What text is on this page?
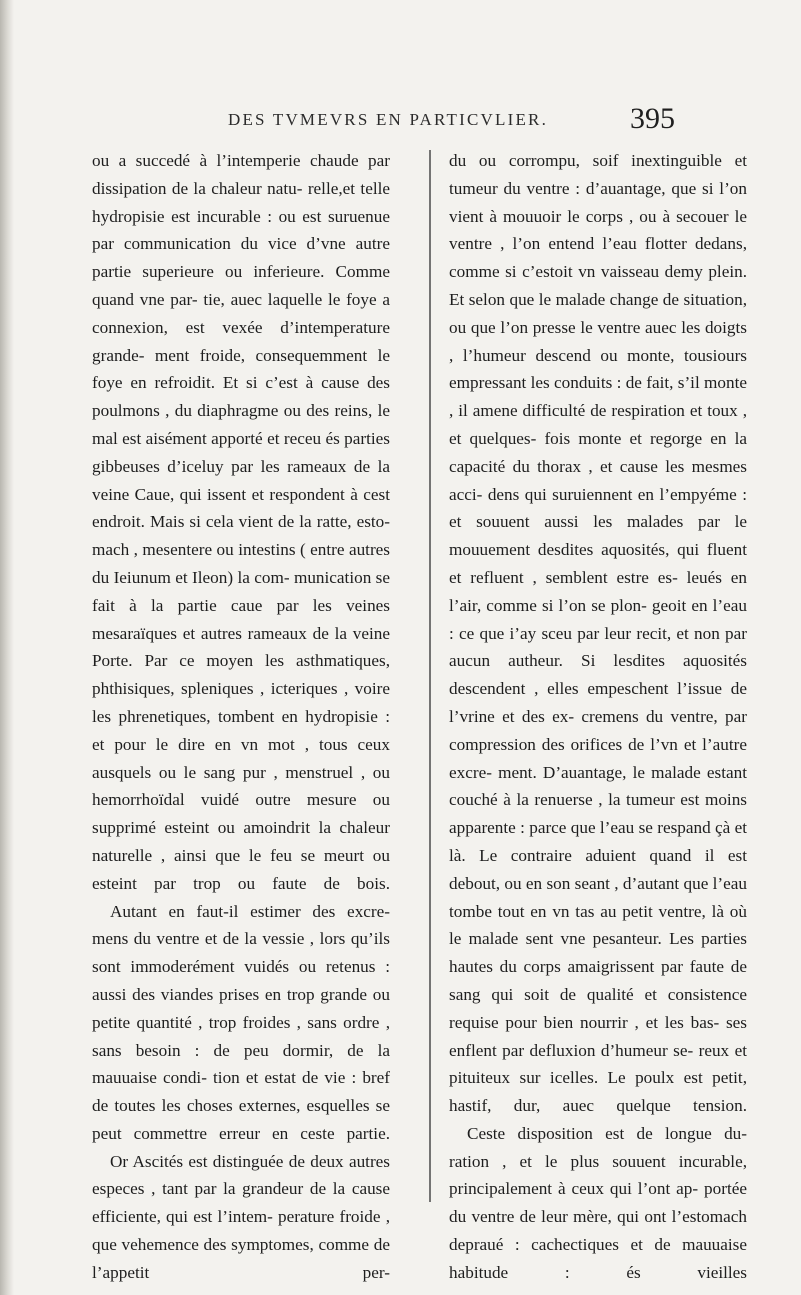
DES TVMEVRS EN PARTICVLIER.	395

ou a succedé à l’intemperie chaude par dissipation de la chaleur natu- relle,et telle hydropisie est incurable : ou est suruenue par communication du vice d’vne autre partie superieure ou inferieure. Comme quand vne par- tie, auec laquelle le foye a connexion, est vexée d’intemperature grande- ment froide, consequemment le foye en refroidit. Et si c’est à cause des poulmons , du diaphragme ou des reins, le mal est aisément apporté et receu és parties gibbeuses d’iceluy par les rameaux de la veine Caue, qui issent et respondent à cest endroit. Mais si cela vient de la ratte, esto- mach , mesentere ou intestins ( entre autres du Ieiunum et Ileon) la com- munication se fait à la partie caue par les veines mesaraïques et autres rameaux de la veine Porte. Par ce moyen les asthmatiques, phthisiques, spleniques , icteriques , voire les phrenetiques, tombent en hydropisie : et pour le dire en vn mot , tous ceux ausquels ou le sang pur , menstruel , ou hemorrhoïdal vuidé outre mesure ou supprimé esteint ou amoindrit la chaleur naturelle , ainsi que le feu se meurt ou esteint par trop ou faute de bois.

Autant en faut-il estimer des excre- mens du ventre et de la vessie , lors qu’ils sont immoderément vuidés ou retenus : aussi des viandes prises en trop grande ou petite quantité , trop froides , sans ordre , sans besoin : de peu dormir, de la mauuaise condi- tion et estat de vie : bref de toutes les choses externes, esquelles se peut commettre erreur en ceste partie.

Or Ascités est distinguée de deux autres especes , tant par la grandeur de la cause efficiente, qui est l’intem- perature froide , que vehemence des symptomes, comme de l’appetit per-

du ou corrompu, soif inextinguible et tumeur du ventre : d’auantage, que si l’on vient à mouuoir le corps , ou à secouer le ventre , l’on entend l’eau flotter dedans, comme si c’estoit vn vaisseau demy plein. Et selon que le malade change de situation, ou que l’on presse le ventre auec les doigts , l’humeur descend ou monte, tousiours empressant les conduits : de fait, s’il monte , il amene difficulté de respiration et toux , et quelques- fois monte et regorge en la capacité du thorax , et cause les mesmes acci- dens qui suruiennent en l’empyéme : et souuent aussi les malades par le mouuement desdites aquosités, qui fluent et refluent , semblent estre es- leués en l’air, comme si l’on se plon- geoit en l’eau : ce que i’ay sceu par leur recit, et non par aucun autheur. Si lesdites aquosités descendent , elles empeschent l’issue de l’vrine et des ex- cremens du ventre, par compression des orifices de l’vn et l’autre excre- ment. D’auantage, le malade estant couché à la renuerse , la tumeur est moins apparente : parce que l’eau se respand çà et là. Le contraire aduient quand il est debout, ou en son seant , d’autant que l’eau tombe tout en vn tas au petit ventre, là où le malade sent vne pesanteur. Les parties hautes du corps amaigrissent par faute de sang qui soit de qualité et consistence requise pour bien nourrir , et les bas- ses enflent par defluxion d’humeur se- reux et pituiteux sur icelles. Le poulx est petit, hastif, dur, auec quelque tension.

Ceste disposition est de longue du- ration , et le plus souuent incurable, principalement à ceux qui l’ont ap- portée du ventre de leur mère, qui ont l’estomach depraué : cachectiques et de mauuaise habitude : és vieilles
